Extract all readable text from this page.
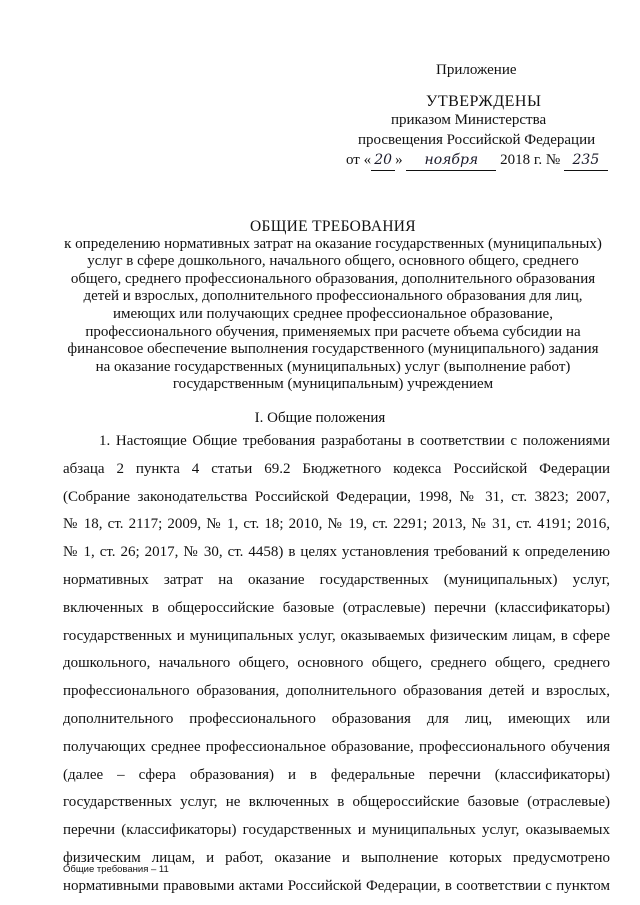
Приложение
УТВЕРЖДЕНЫ
приказом Министерства
просвещения Российской Федерации
от « 20 » ноября 2018 г. № 235
ОБЩИЕ ТРЕБОВАНИЯ
к определению нормативных затрат на оказание государственных (муниципальных)
услуг в сфере дошкольного, начального общего, основного общего, среднего
общего, среднего профессионального образования, дополнительного образования
детей и взрослых, дополнительного профессионального образования для лиц,
имеющих или получающих среднее профессиональное образование,
профессионального обучения, применяемых при расчете объема субсидии на
финансовое обеспечение выполнения государственного (муниципального) задания
на оказание государственных (муниципальных) услуг (выполнение работ)
государственным (муниципальным) учреждением
I. Общие положения
1. Настоящие Общие требования разработаны в соответствии с положениями
абзаца 2 пункта 4 статьи 69.2 Бюджетного кодекса Российской Федерации
(Собрание законодательства Российской Федерации, 1998, № 31, ст. 3823; 2007,
№ 18, ст. 2117; 2009, № 1, ст. 18; 2010, № 19, ст. 2291; 2013, № 31, ст. 4191; 2016,
№ 1, ст. 26; 2017, № 30, ст. 4458) в целях установления требований к определению
нормативных затрат на оказание государственных (муниципальных) услуг,
включенных в общероссийские базовые (отраслевые) перечни (классификаторы)
государственных и муниципальных услуг, оказываемых физическим лицам, в сфере
дошкольного, начального общего, основного общего, среднего общего, среднего
профессионального образования, дополнительного образования детей и взрослых,
дополнительного профессионального образования для лиц, имеющих или
получающих среднее профессиональное образование, профессионального обучения
(далее – сфера образования) и в федеральные перечни (классификаторы)
государственных услуг, не включенных в общероссийские базовые (отраслевые)
перечни (классификаторы) государственных и муниципальных услуг, оказываемых
физическим лицам, и работ, оказание и выполнение которых предусмотрено
нормативными правовыми актами Российской Федерации, в соответствии с пунктом
Общие требования – 11
